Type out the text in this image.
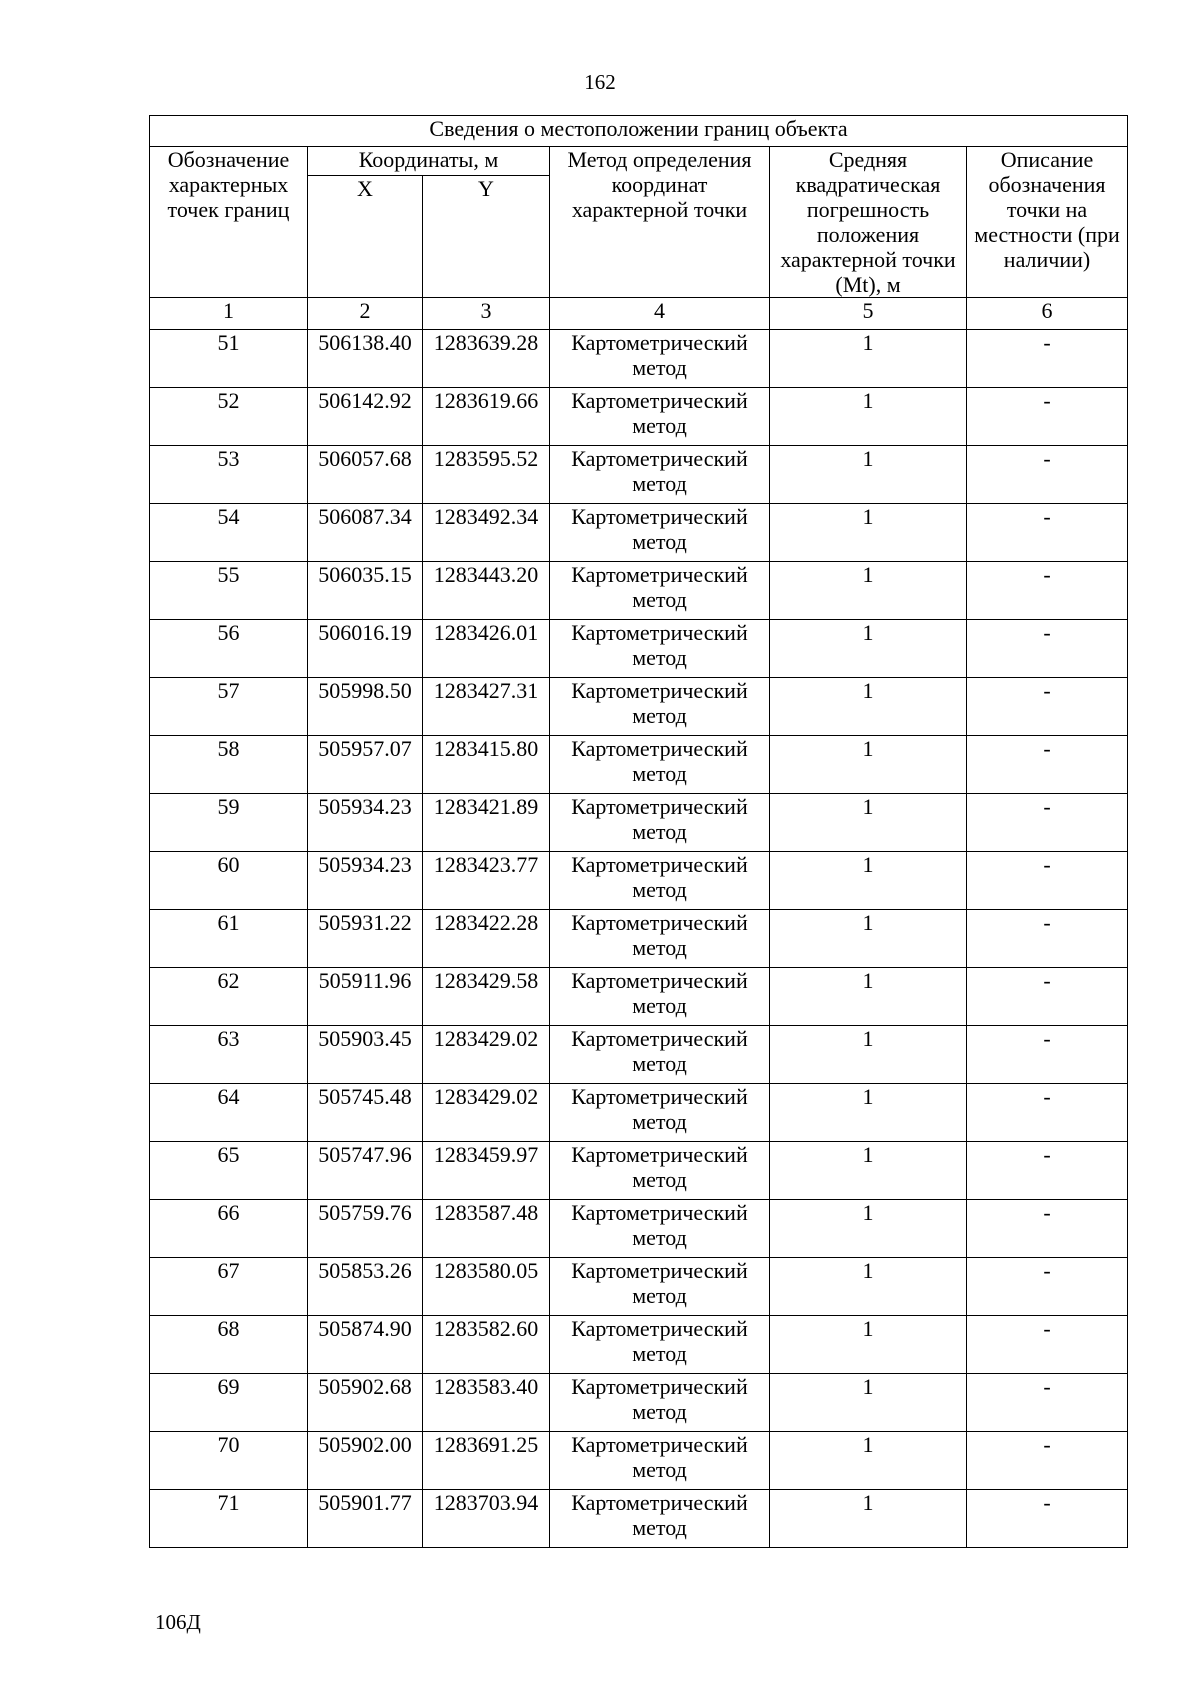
162
Сведения о местоположении границ объекта					
Обозначение характерных точек границ	Координаты, м		Метод определения координат характерной точки	Средняя квадратическая погрешность положения характерной точки (Mt), м	Описание обозначения точки на местности (при наличии)
	X	Y			
1	2	3	4	5	6
51	506138.40	1283639.28	Картометрический метод	1	-
52	506142.92	1283619.66	Картометрический метод	1	-
53	506057.68	1283595.52	Картометрический метод	1	-
54	506087.34	1283492.34	Картометрический метод	1	-
55	506035.15	1283443.20	Картометрический метод	1	-
56	506016.19	1283426.01	Картометрический метод	1	-
57	505998.50	1283427.31	Картометрический метод	1	-
58	505957.07	1283415.80	Картометрический метод	1	-
59	505934.23	1283421.89	Картометрический метод	1	-
60	505934.23	1283423.77	Картометрический метод	1	-
61	505931.22	1283422.28	Картометрический метод	1	-
62	505911.96	1283429.58	Картометрический метод	1	-
63	505903.45	1283429.02	Картометрический метод	1	-
64	505745.48	1283429.02	Картометрический метод	1	-
65	505747.96	1283459.97	Картометрический метод	1	-
66	505759.76	1283587.48	Картометрический метод	1	-
67	505853.26	1283580.05	Картометрический метод	1	-
68	505874.90	1283582.60	Картометрический метод	1	-
69	505902.68	1283583.40	Картометрический метод	1	-
70	505902.00	1283691.25	Картометрический метод	1	-
71	505901.77	1283703.94	Картометрический метод	1	-
106Д
